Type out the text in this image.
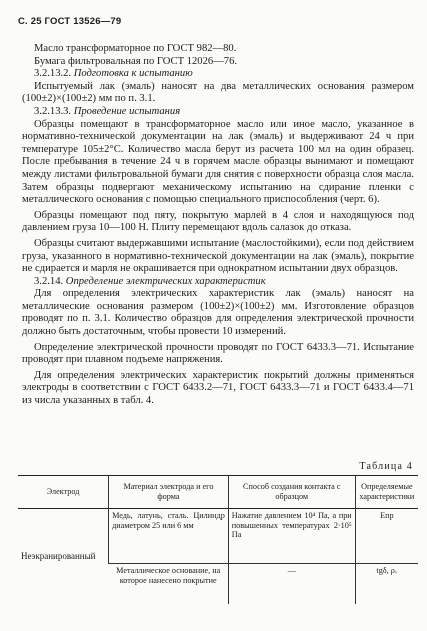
С. 25 ГОСТ 13526—79

Масло трансформаторное по ГОСТ 982—80.

Бумага фильтровальная по ГОСТ 12026—76.

3.2.13.2. Подготовка к испытанию

Испытуемый лак (эмаль) наносят на два металлических основания размером (100±2)×(100±2) мм по п. 3.1.

3.2.13.3. Проведение испытания

Образцы помещают в трансформаторное масло или иное масло, указанное в нормативно-технической документации на лак (эмаль) и выдерживают 24 ч при температуре 105±2°С. Количество масла берут из расчета 100 мл на один образец. После пребывания в течение 24 ч в горячем масле образцы вынимают и помещают между листами фильтровальной бумаги для снятия с поверхности образца слоя масла. Затем образцы подвергают механическому испытанию на сдирание пленки с металлического основания с помощью специального приспособления (черт. 6).

Образцы помещают под пяту, покрытую марлей в 4 слоя и находящуюся под давлением груза 10—100 Н. Плиту перемещают вдоль салазок до отказа.

Образцы считают выдержавшими испытание (маслостойкими), если под действием груза, указанного в нормативно-технической документации на лак (эмаль), покрытие не сдирается и марля не окрашивается при однократном испытании двух образцов.

3.2.14. Определение электрических характеристик

Для определения электрических характеристик лак (эмаль) наносят на металлические основания размером (100±2)×(100±2) мм. Изготовление образцов проводят по п. 3.1. Количество образцов для определения электрической прочности должно быть достаточным, чтобы провести 10 измерений.

Определение электрической прочности проводят по ГОСТ 6433.3—71. Испытание проводят при плавном подъеме напряжения.

Для определения электрических характеристик покрытий должны применяться электроды в соответствии с ГОСТ 6433.2—71, ГОСТ 6433.3—71 и ГОСТ 6433.4—71 из числа указанных в табл. 4.

Таблица 4
Электрод	Материал электрода и его форма	Способ создания контакта с образцом	Определяемые характеристики
Неэкранированный	Медь, латунь, сталь. Цилиндр диаметром 25 или 6 мм	Нажатие давлением 10⁴ Па, а при повышенных температурах 2·10⁵ Па	Eпр
	Металлическое основание, на которое нанесено покрытие	—	tgδ, ρᵥ
